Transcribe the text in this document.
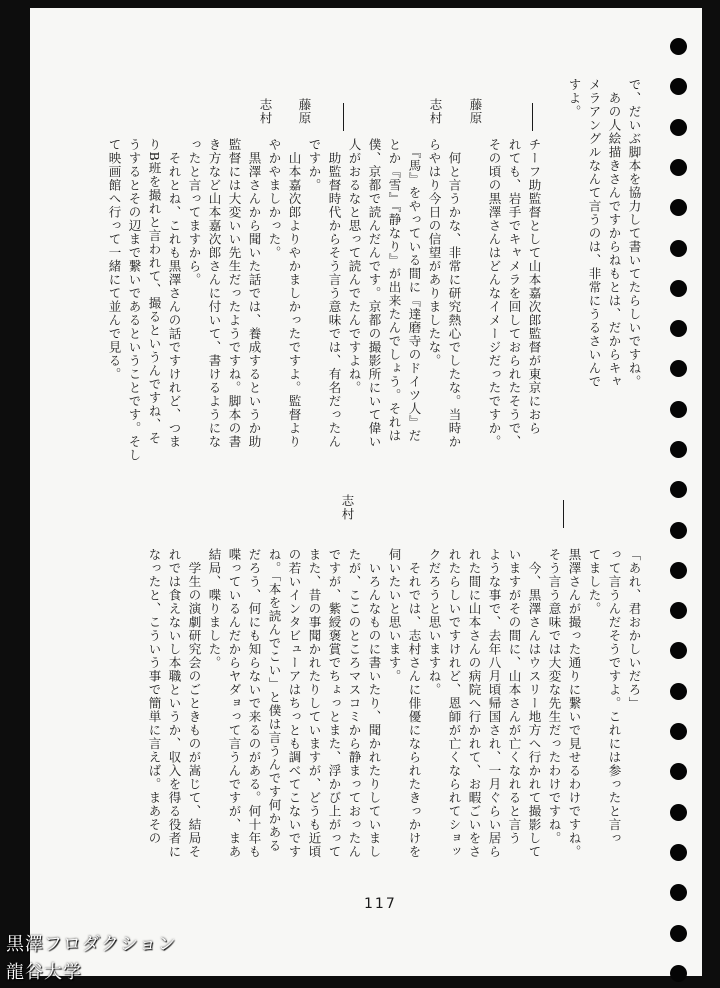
藤原
志村
藤原
志村	で、だいぶ脚本を協力して書いてたらしいですね。
　あの人絵描きさんですからねもとは、だからキャ
メラアングルなんて言うのは、非常にうるさいんで
すよ。
チーフ助監督として山本嘉次郎監督が東京におら
れても、岩手でキャメラを回しておられたそうで、
その頃の黒澤さんはどんなイメージだったですか。
　何と言うかな、非常に研究熱心でしたな。当時か
らやはり今日の信望がありましたな。
　『馬』をやっている間に『達磨寺のドイツ人』だ
とか『雪』『静なり』が出来たんでしょう。それは
僕、京都で読んだんです。京都の撮影所にいて偉い
人がおるなと思って読んでたんですよね。
　助監督時代からそう言う意味では、有名だったん
ですか。
　山本嘉次郎よりやかましかったですよ。監督より
やかやましかった。
　黒澤さんから聞いた話では、養成するというか助
監督には大変いい先生だったようですね。脚本の書
き方など山本嘉次郎さんに付いて、書けるようにな
ったと言ってますから。
　それとね、これも黒澤さんの話ですけれど、つま
りB班を撮れと言われて、撮るというんですね、そ
うするとその辺まで繋いであるということです。そし
て映画館へ行って一緒にて並んで見る。
志村
「あれ、君おかしいだろ」
って言うんだそうですよ。これには参ったと言っ
てました。
黒澤さんが撮った通りに繋いで見せるわけですね。
そう言う意味では大変な先生だったわけですね。
　今、黒澤さんはウスリー地方へ行かれて撮影して
いますがその間に、山本さんが亡くなれると言う
ような事で、去年八月頃帰国され、一月ぐらい居ら
れた間に山本さんの病院へ行かれて、お暇ごいをさ
れたらしいですけれど、恩師が亡くなられてショッ
クだろうと思いますね。
　それでは、志村さんに俳優になられたきっかけを
伺いたいと思います。
　いろんなものに書いたり、聞かれたりしていまし
たが、ここのところマスコミから静まっておったん
ですが、紫綬褒賞でちょっとまた、浮かび上がって
また、昔の事聞かれたりしていますが、どうも近頃
の若いインタビューアはちっとも調べてこないです
ね。「本を読んでこい」と僕は言うんです何かある
だろう、何にも知らないで来るのがある。何十年も
喋っているんだからヤダョって言うんですが、まあ
結局、喋りました。
　学生の演劇研究会のごときものが嵩じて、結局そ
れでは食えないし本職というか、収入を得る役者に
なったと、こういう事で簡単に言えば。まあその
117
黒澤フロダクション
龍谷大学
